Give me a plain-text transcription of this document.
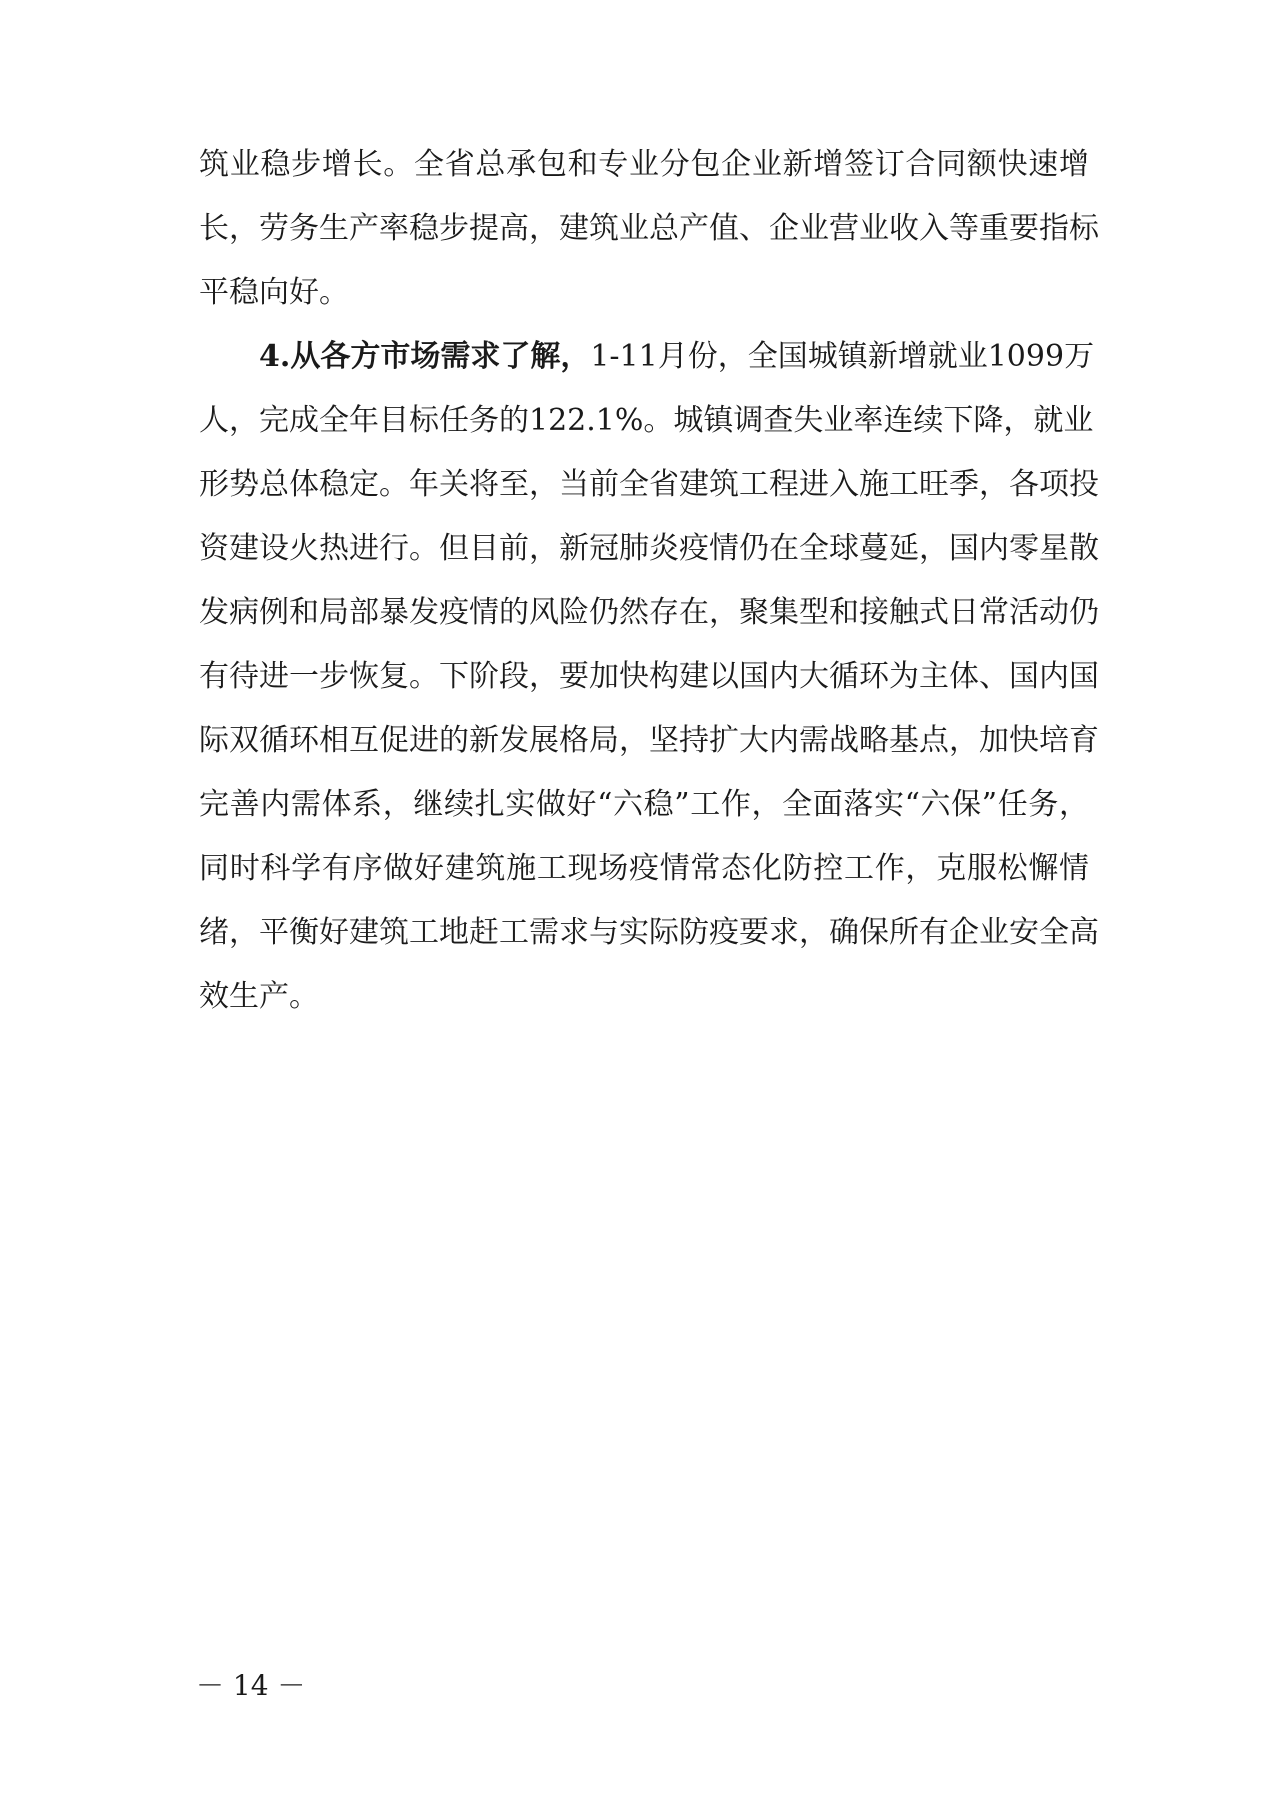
筑业稳步增长。全省总承包和专业分包企业新增签订合同额快速增
长，劳务生产率稳步提高，建筑业总产值、企业营业收入等重要指标
平稳向好。
4.从各方市场需求了解，1-11月份，全国城镇新增就业1099万
人，完成全年目标任务的122.1%。城镇调查失业率连续下降，就业
形势总体稳定。年关将至，当前全省建筑工程进入施工旺季，各项投
资建设火热进行。但目前，新冠肺炎疫情仍在全球蔓延，国内零星散
发病例和局部暴发疫情的风险仍然存在，聚集型和接触式日常活动仍
有待进一步恢复。下阶段，要加快构建以国内大循环为主体、国内国
际双循环相互促进的新发展格局，坚持扩大内需战略基点，加快培育
完善内需体系，继续扎实做好“六稳”工作，全面落实“六保”任务，
同时科学有序做好建筑施工现场疫情常态化防控工作，克服松懈情
绪，平衡好建筑工地赶工需求与实际防疫要求，确保所有企业安全高
效生产。
－ 14 －
